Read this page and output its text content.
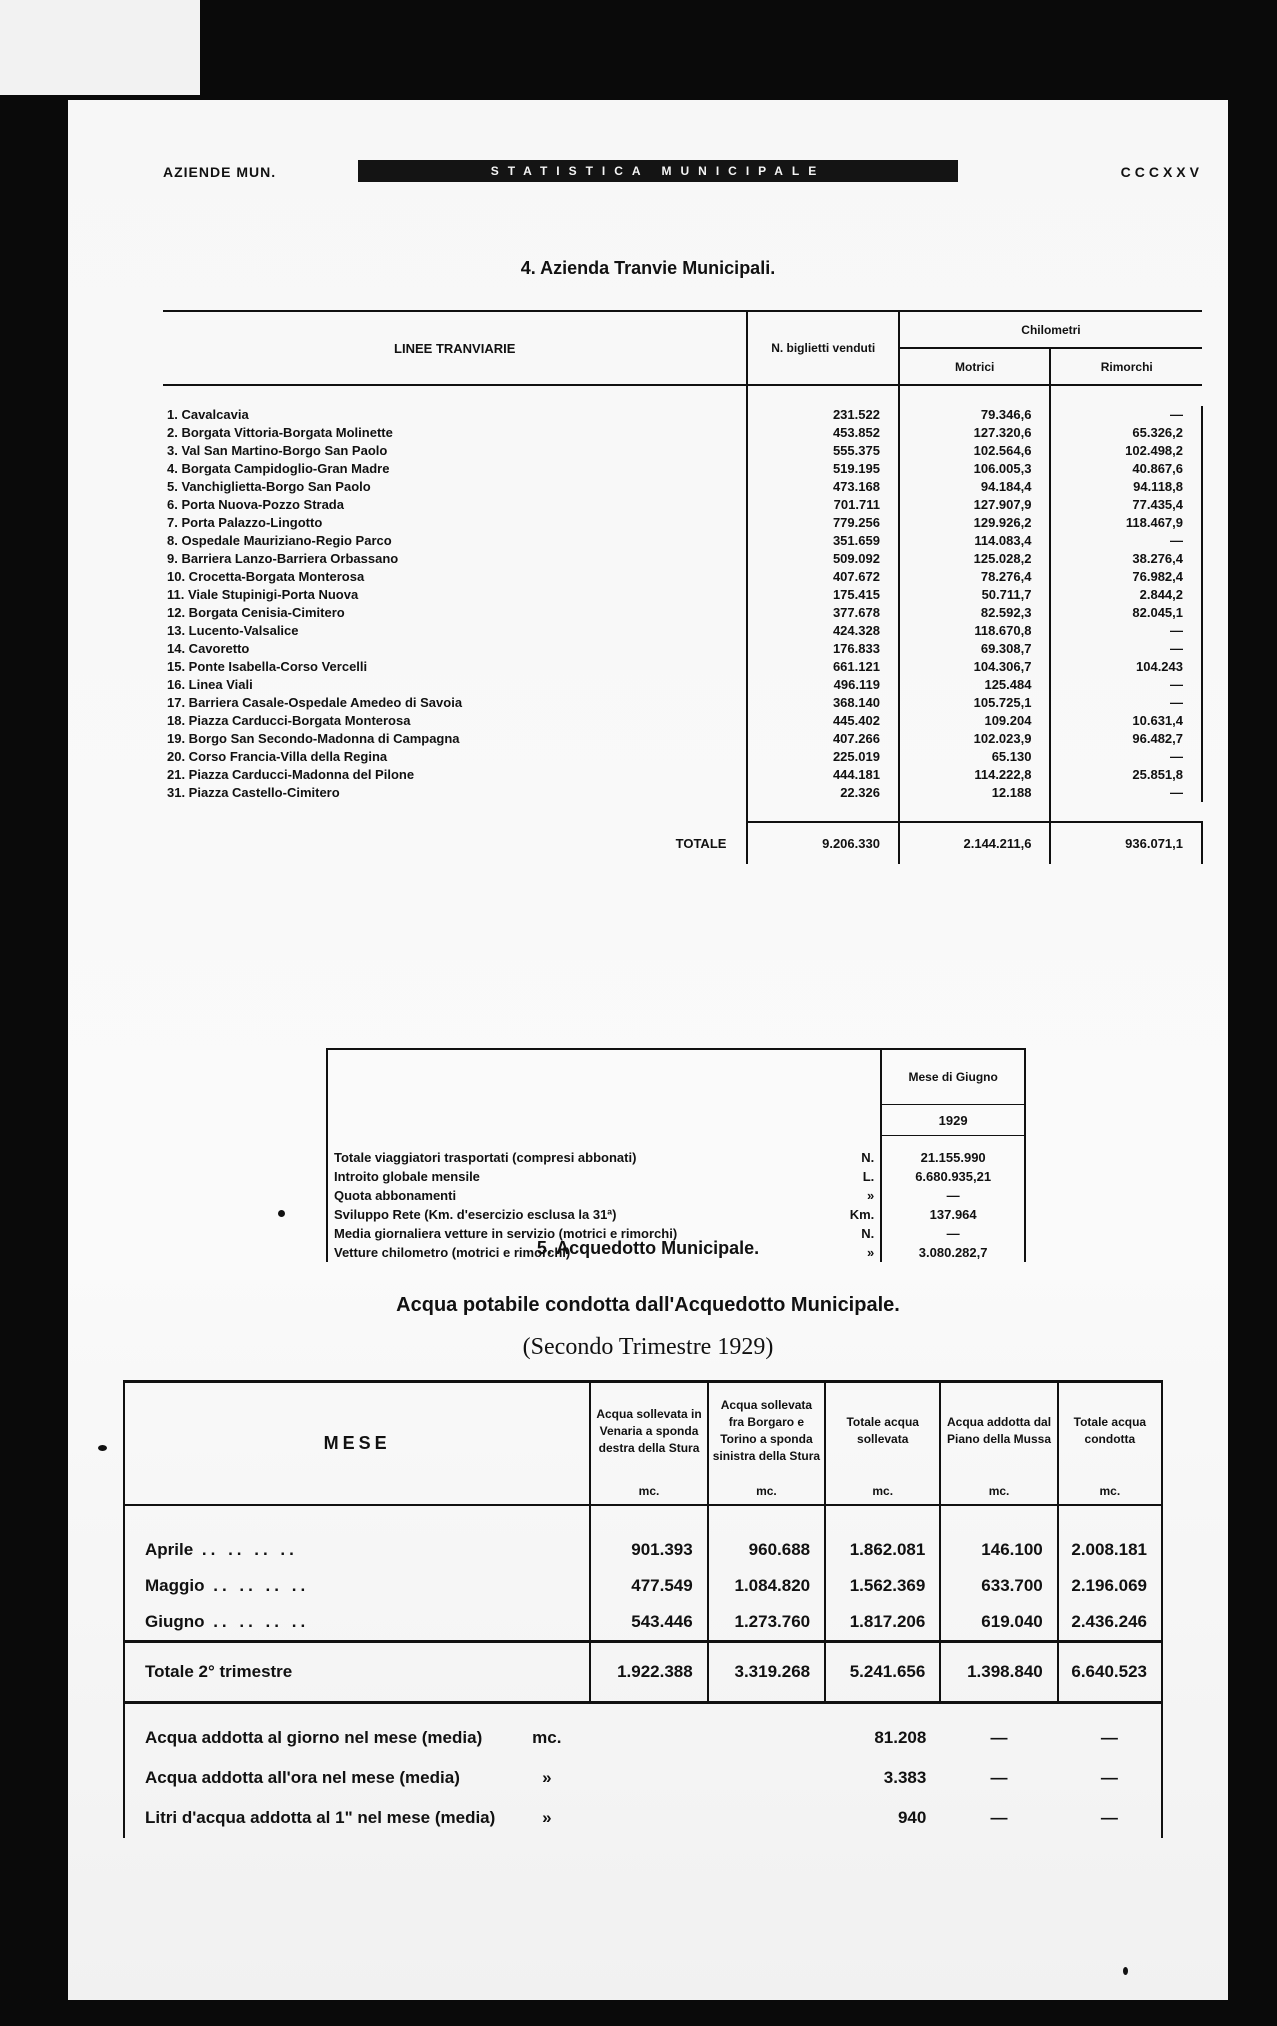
AZIENDE MUN.	STATISTICA MUNICIPALE	CCCXXV
4. Azienda Tranvie Municipali.
LINEE TRANVIARIE	N. biglietti venduti	Chilometri	
		Motrici	Rimorchi

1. Cavalcavia	231.522	79.346,6	—
2. Borgata Vittoria-Borgata Molinette	453.852	127.320,6	65.326,2
3. Val San Martino-Borgo San Paolo	555.375	102.564,6	102.498,2
4. Borgata Campidoglio-Gran Madre	519.195	106.005,3	40.867,6
5. Vanchiglietta-Borgo San Paolo	473.168	94.184,4	94.118,8
6. Porta Nuova-Pozzo Strada	701.711	127.907,9	77.435,4
7. Porta Palazzo-Lingotto	779.256	129.926,2	118.467,9
8. Ospedale Mauriziano-Regio Parco	351.659	114.083,4	—
9. Barriera Lanzo-Barriera Orbassano	509.092	125.028,2	38.276,4
10. Crocetta-Borgata Monterosa	407.672	78.276,4	76.982,4
11. Viale Stupinigi-Porta Nuova	175.415	50.711,7	2.844,2
12. Borgata Cenisia-Cimitero	377.678	82.592,3	82.045,1
13. Lucento-Valsalice	424.328	118.670,8	—
14. Cavoretto	176.833	69.308,7	—
15. Ponte Isabella-Corso Vercelli	661.121	104.306,7	104.243
16. Linea Viali	496.119	125.484	—
17. Barriera Casale-Ospedale Amedeo di Savoia	368.140	105.725,1	—
18. Piazza Carducci-Borgata Monterosa	445.402	109.204	10.631,4
19. Borgo San Secondo-Madonna di Campagna	407.266	102.023,9	96.482,7
20. Corso Francia-Villa della Regina	225.019	65.130	—
21. Piazza Carducci-Madonna del Pilone	444.181	114.222,8	25.851,8
31. Piazza Castello-Cimitero	22.326	12.188	—

TOTALE	9.206.330	2.144.211,6	936.071,1
		Mese di Giugno
		1929
Totale viaggiatori trasportati (compresi abbonati)	N.	21.155.990
Introito globale mensile	L.	6.680.935,21
Quota abbonamenti	»	—
Sviluppo Rete (Km. d'esercizio esclusa la 31ª)	Km.	137.964
Media giornaliera vetture in servizio (motrici e rimorchi)	N.	—
Vetture chilometro (motrici e rimorchi)	»	3.080.282,7
5. Acquedotto Municipale.
Acqua potabile condotta dall'Acquedotto Municipale.
(Secondo Trimestre 1929)
MESE		Acqua sollevata in Venaria a sponda destra della Stura	Acqua sollevata fra Borgaro e Torino a sponda sinistra della Stura	Totale acqua sollevata	Acqua addotta dal Piano della Mussa	Totale acqua condotta
		mc.	mc.	mc.	mc.	mc.

Aprile .. .. .. ..		901.393	960.688	1.862.081	146.100	2.008.181
Maggio .. .. .. ..		477.549	1.084.820	1.562.369	633.700	2.196.069
Giugno .. .. .. ..		543.446	1.273.760	1.817.206	619.040	2.436.246
Totale 2° trimestre		1.922.388	3.319.268	5.241.656	1.398.840	6.640.523
Acqua addotta al giorno nel mese (media)	mc.			81.208	—	—
Acqua addotta all'ora nel mese (media)	»			3.383	—	—
Litri d'acqua addotta al 1" nel mese (media)	»			940	—	—
